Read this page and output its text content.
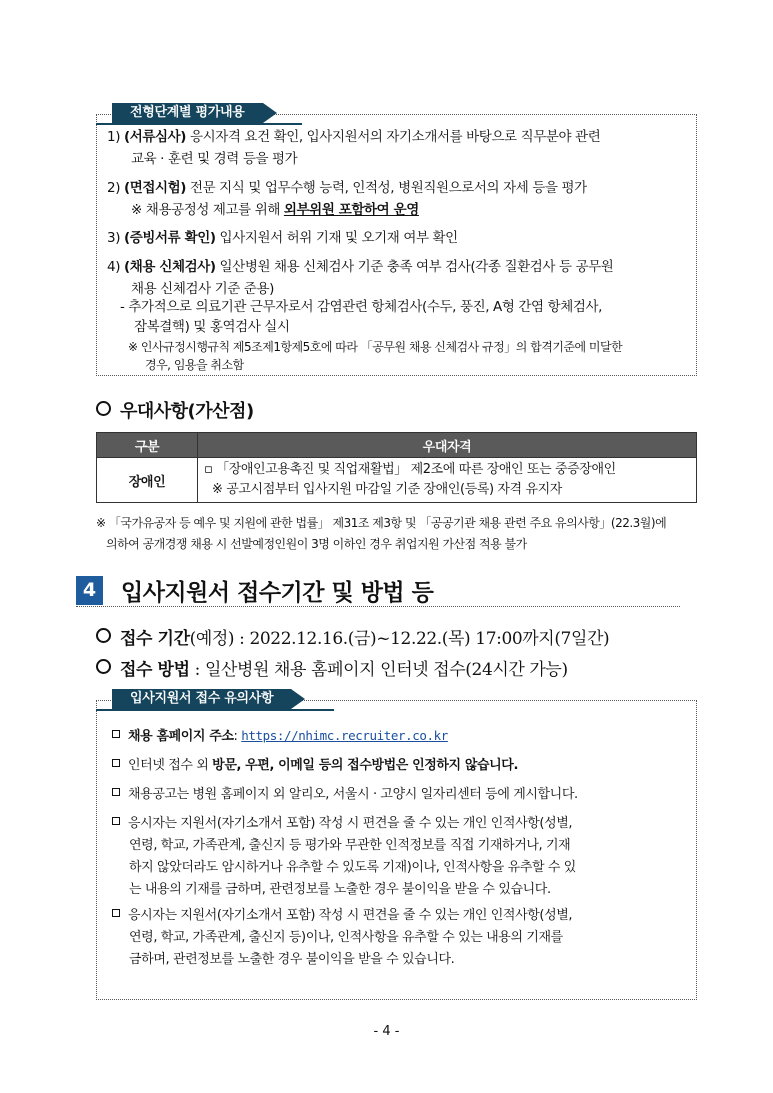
전형단계별 평가내용
1) (서류심사) 응시자격 요건 확인, 입사지원서의 자기소개서를 바탕으로 직무분야 관련
교육 · 훈련 및 경력 등을 평가
2) (면접시험) 전문 지식 및 업무수행 능력, 인적성, 병원직원으로서의 자세 등을 평가
※ 채용공정성 제고를 위해 외부위원 포함하여 운영
3) (증빙서류 확인) 입사지원서 허위 기재 및 오기재 여부 확인
4) (채용 신체검사) 일산병원 채용 신체검사 기준 충족 여부 검사(각종 질환검사 등 공무원
채용 신체검사 기준 준용)
- 추가적으로 의료기관 근무자로서 감염관련 항체검사(수두, 풍진, A형 간염 항체검사,
잠복결핵) 및 홍역검사 실시
※ 인사규정시행규칙 제5조제1항제5호에 따라 「공무원 채용 신체검사 규정」의 합격기준에 미달한
경우, 임용을 취소함
우대사항(가산점)
구분	우대자격
장애인	▫ 「장애인고용촉진 및 직업재활법」 제2조에 따른 장애인 또는 중증장애인
※ 공고시점부터 입사지원 마감일 기준 장애인(등록) 자격 유지자
※ 「국가유공자 등 예우 및 지원에 관한 법률」 제31조 제3항 및 「공공기관 채용 관련 주요 유의사항」(22.3월)에
의하여 공개경쟁 채용 시 선발예정인원이 3명 이하인 경우 취업지원 가산점 적용 불가
4 입사지원서 접수기간 및 방법 등
접수 기간(예정) : 2022.12.16.(금)~12.22.(목) 17:00까지(7일간)
접수 방법 : 일산병원 채용 홈페이지 인터넷 접수(24시간 가능)
입사지원서 접수 유의사항
채용 홈페이지 주소: https://nhimc.recruiter.co.kr
인터넷 접수 외 방문, 우편, 이메일 등의 접수방법은 인정하지 않습니다.
채용공고는 병원 홈페이지 외 알리오, 서울시 · 고양시 일자리센터 등에 게시합니다.
응시자는 지원서(자기소개서 포함) 작성 시 편견을 줄 수 있는 개인 인적사항(성별,
연령, 학교, 가족관계, 출신지 등 평가와 무관한 인적정보를 직접 기재하거나, 기재
하지 않았더라도 암시하거나 유추할 수 있도록 기재)이나, 인적사항을 유추할 수 있
는 내용의 기재를 금하며, 관련정보를 노출한 경우 불이익을 받을 수 있습니다.
응시자는 지원서(자기소개서 포함) 작성 시 편견을 줄 수 있는 개인 인적사항(성별,
연령, 학교, 가족관계, 출신지 등)이나, 인적사항을 유추할 수 있는 내용의 기재를
금하며, 관련정보를 노출한 경우 불이익을 받을 수 있습니다.
- 4 -
